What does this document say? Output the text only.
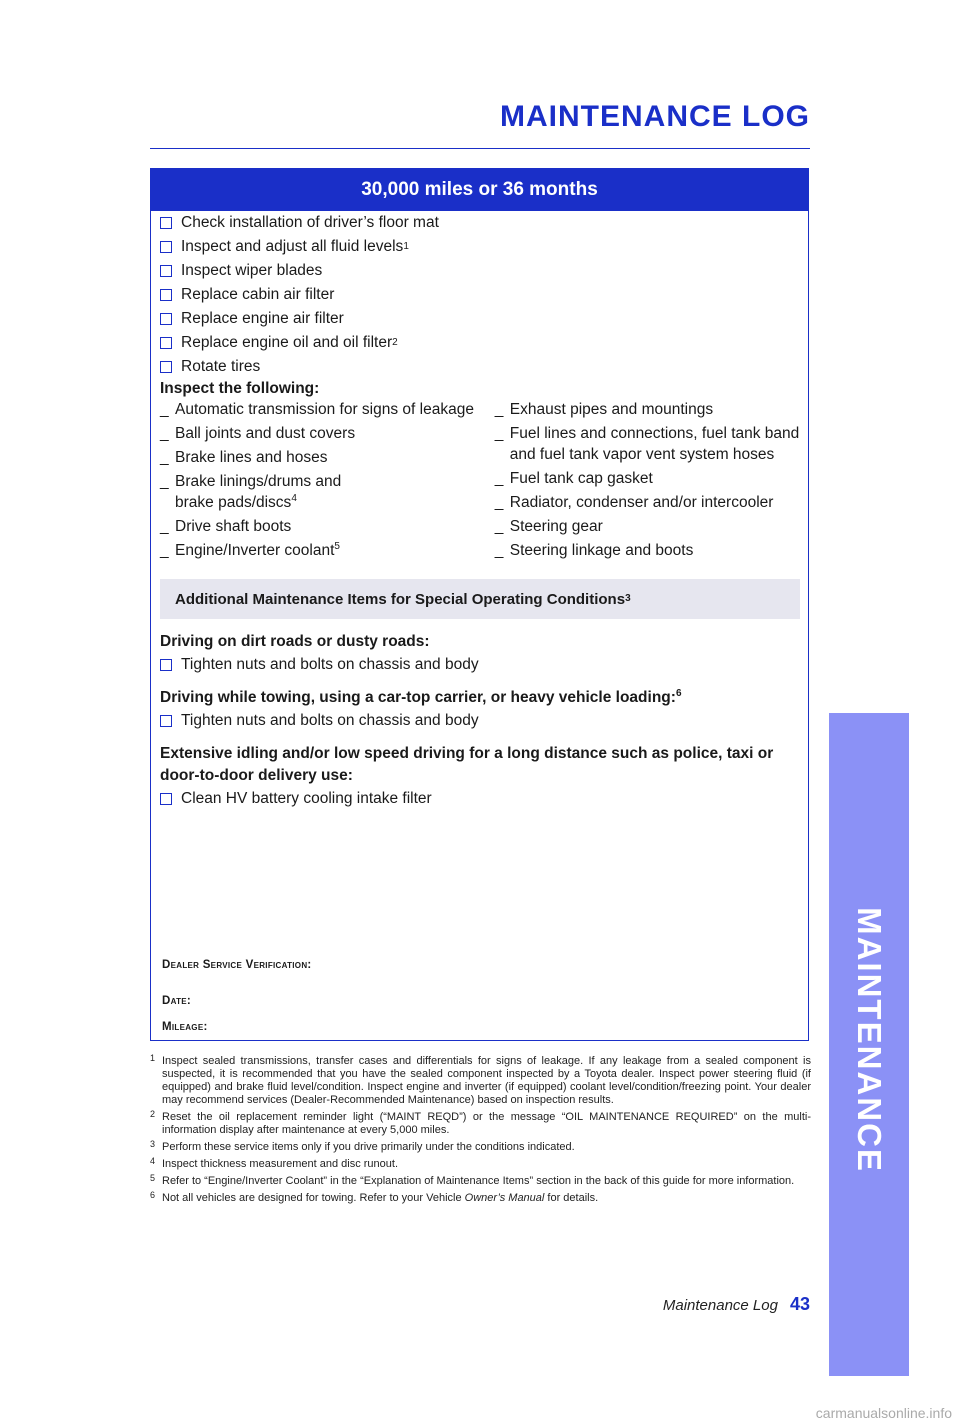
MAINTENANCE LOG
30,000 miles or 36 months
Check installation of driver’s floor mat
Inspect and adjust all fluid levels 1
Inspect wiper blades
Replace cabin air filter
Replace engine air filter
Replace engine oil and oil filter 2
Rotate tires
Inspect the following:
_ Automatic transmission for signs of leakage
_ Ball joints and dust covers
_ Brake lines and hoses
_ Brake linings/drums and brake pads/discs$^4$
_ Drive shaft boots
_ Engine/Inverter coolant$^5$
_ Exhaust pipes and mountings
_ Fuel lines and connections, fuel tank band and fuel tank vapor vent system hoses
_ Fuel tank cap gasket
_ Radiator, condenser and/or intercooler
_ Steering gear
_ Steering linkage and boots
Additional Maintenance Items for Special Operating Conditions 3
Driving on dirt roads or dusty roads:
Tighten nuts and bolts on chassis and body
Driving while towing, using a car-top carrier, or heavy vehicle loading:$^6$
Tighten nuts and bolts on chassis and body
Extensive idling and/or low speed driving for a long distance such as police, taxi or door-to-door delivery use:
Clean HV battery cooling intake filter
Dealer Service Verification:
Date:
Mileage:
1 Inspect sealed transmissions, transfer cases and differentials for signs of leakage. If any leakage from a sealed component is suspected, it is recommended that you have the sealed component inspected by a Toyota dealer. Inspect power steering fluid (if equipped) and brake fluid level/condition. Inspect engine and inverter (if equipped) coolant level/condition/freezing point. Your dealer may recommend services (Dealer-Recommended Maintenance) based on inspection results.
2 Reset the oil replacement reminder light (“MAINT REQD”) or the message “OIL MAINTENANCE REQUIRED” on the multi-information display after maintenance at every 5,000 miles.
3 Perform these service items only if you drive primarily under the conditions indicated.
4 Inspect thickness measurement and disc runout.
5 Refer to “Engine/Inverter Coolant” in the “Explanation of Maintenance Items” section in the back of this guide for more information.
6 Not all vehicles are designed for towing. Refer to your Vehicle Owner’s Manual for details.
Maintenance Log 43
MAINTENANCE
carmanualsonline.info
